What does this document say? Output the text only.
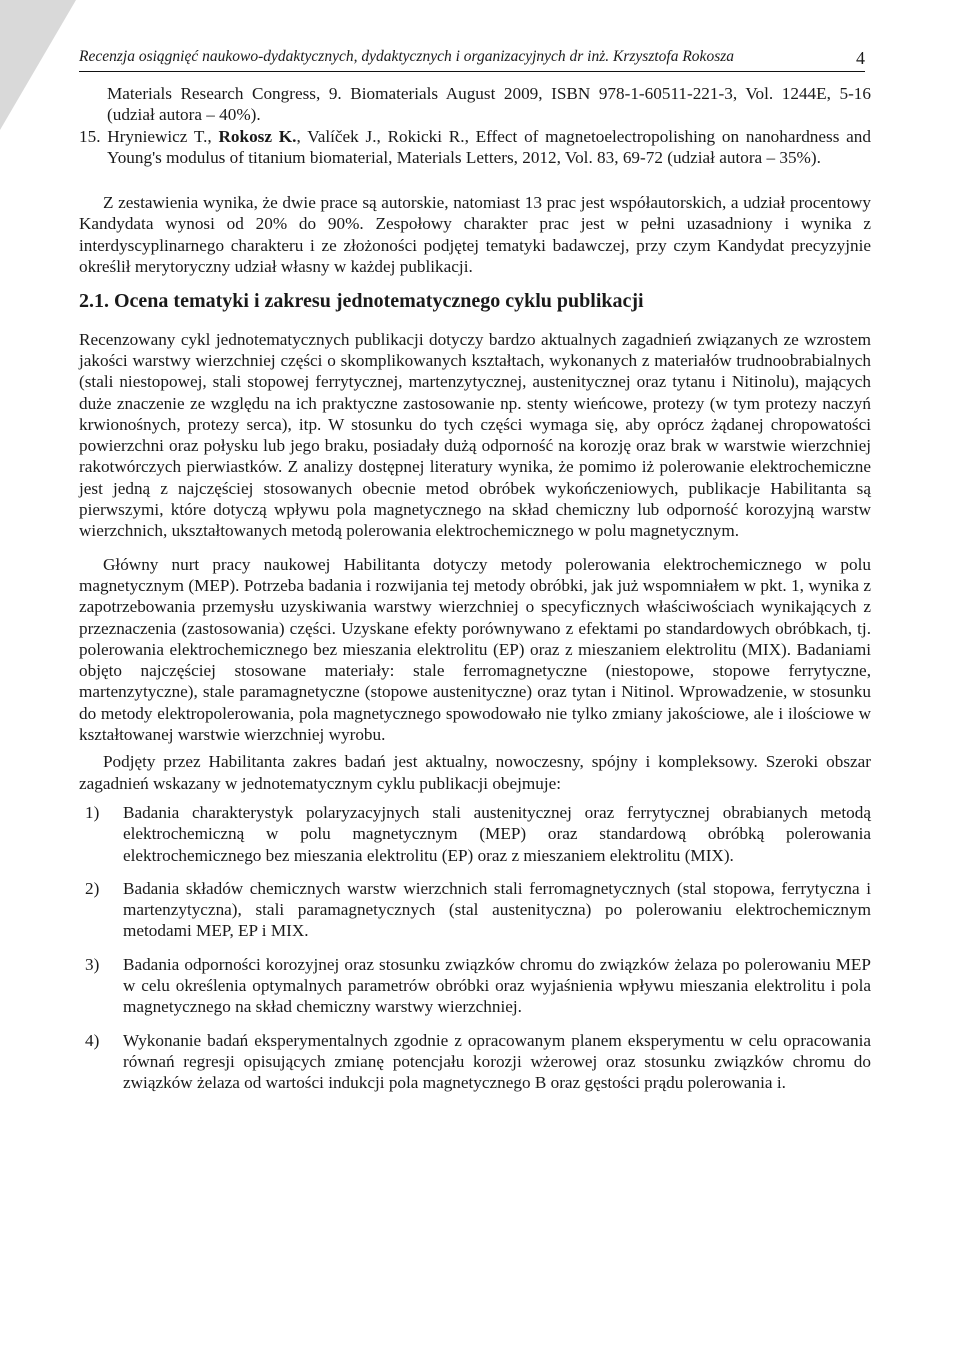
Recenzja osiągnięć naukowo-dydaktycznych, dydaktycznych i organizacyjnych dr inż. Krzysztofa Rokosza	4

Materials Research Congress, 9. Biomaterials August 2009, ISBN 978-1-60511-221-3, Vol. 1244E, 5-16 (udział autora – 40%).

15. Hryniewicz T., Rokosz K., Valíček J., Rokicki R., Effect of magnetoelectropolishing on nanohardness and Young's modulus of titanium biomaterial, Materials Letters, 2012, Vol. 83, 69-72 (udział autora – 35%).

Z zestawienia wynika, że dwie prace są autorskie, natomiast 13 prac jest współautorskich, a udział procentowy Kandydata wynosi od 20% do 90%. Zespołowy charakter prac jest w pełni uzasadniony i wynika z interdyscyplinarnego charakteru i ze złożoności podjętej tematyki badawczej, przy czym Kandydat precyzyjnie określił merytoryczny udział własny w każdej publikacji.

2.1. Ocena tematyki i zakresu jednotematycznego cyklu publikacji

Recenzowany cykl jednotematycznych publikacji dotyczy bardzo aktualnych zagadnień związanych ze wzrostem jakości warstwy wierzchniej części o skomplikowanych kształtach, wykonanych z materiałów trudnoobrabialnych (stali niestopowej, stali stopowej ferrytycznej, martenzytycznej, austenitycznej oraz tytanu i Nitinolu), mających duże znaczenie ze względu na ich praktyczne zastosowanie np. stenty wieńcowe, protezy (w tym protezy naczyń krwionośnych, protezy serca), itp. W stosunku do tych części wymaga się, aby oprócz żądanej chropowatości powierzchni oraz połysku lub jego braku, posiadały dużą odporność na korozję oraz brak w warstwie wierzchniej rakotwórczych pierwiastków. Z analizy dostępnej literatury wynika, że pomimo iż polerowanie elektrochemiczne jest jedną z najczęściej stosowanych obecnie metod obróbek wykończeniowych, publikacje Habilitanta są pierwszymi, które dotyczą wpływu pola magnetycznego na skład chemiczny lub odporność korozyjną warstw wierzchnich, ukształtowanych metodą polerowania elektrochemicznego w polu magnetycznym.

Główny nurt pracy naukowej Habilitanta dotyczy metody polerowania elektrochemicznego w polu magnetycznym (MEP). Potrzeba badania i rozwijania tej metody obróbki, jak już wspomniałem w pkt. 1, wynika z zapotrzebowania przemysłu uzyskiwania warstwy wierzchniej o specyficznych właściwościach wynikających z przeznaczenia (zastosowania) części. Uzyskane efekty porównywano z efektami po standardowych obróbkach, tj. polerowania elektrochemicznego bez mieszania elektrolitu (EP) oraz z mieszaniem elektrolitu (MIX). Badaniami objęto najczęściej stosowane materiały: stale ferromagnetyczne (niestopowe, stopowe ferrytyczne, martenzytyczne), stale paramagnetyczne (stopowe austenityczne) oraz tytan i Nitinol. Wprowadzenie, w stosunku do metody elektropolerowania, pola magnetycznego spowodowało nie tylko zmiany jakościowe, ale i ilościowe w kształtowanej warstwie wierzchniej wyrobu.

Podjęty przez Habilitanta zakres badań jest aktualny, nowoczesny, spójny i kompleksowy. Szeroki obszar zagadnień wskazany w jednotematycznym cyklu publikacji obejmuje:

1)	Badania charakterystyk polaryzacyjnych stali austenitycznej oraz ferrytycznej obrabianych metodą elektrochemiczną w polu magnetycznym (MEP) oraz standardową obróbką polerowania elektrochemicznego bez mieszania elektrolitu (EP) oraz z mieszaniem elektrolitu (MIX).
2)	Badania składów chemicznych warstw wierzchnich stali ferromagnetycznych (stal stopowa, ferrytyczna i martenzytyczna), stali paramagnetycznych (stal austenityczna) po polerowaniu elektrochemicznym metodami MEP, EP i MIX.
3)	Badania odporności korozyjnej oraz stosunku związków chromu do związków żelaza po polerowaniu MEP w celu określenia optymalnych parametrów obróbki oraz wyjaśnienia wpływu mieszania elektrolitu i pola magnetycznego na skład chemiczny warstwy wierzchniej.
4)	Wykonanie badań eksperymentalnych zgodnie z opracowanym planem eksperymentu w celu opracowania równań regresji opisujących zmianę potencjału korozji wżerowej oraz stosunku związków chromu do związków żelaza od wartości indukcji pola magnetycznego B oraz gęstości prądu polerowania i.
